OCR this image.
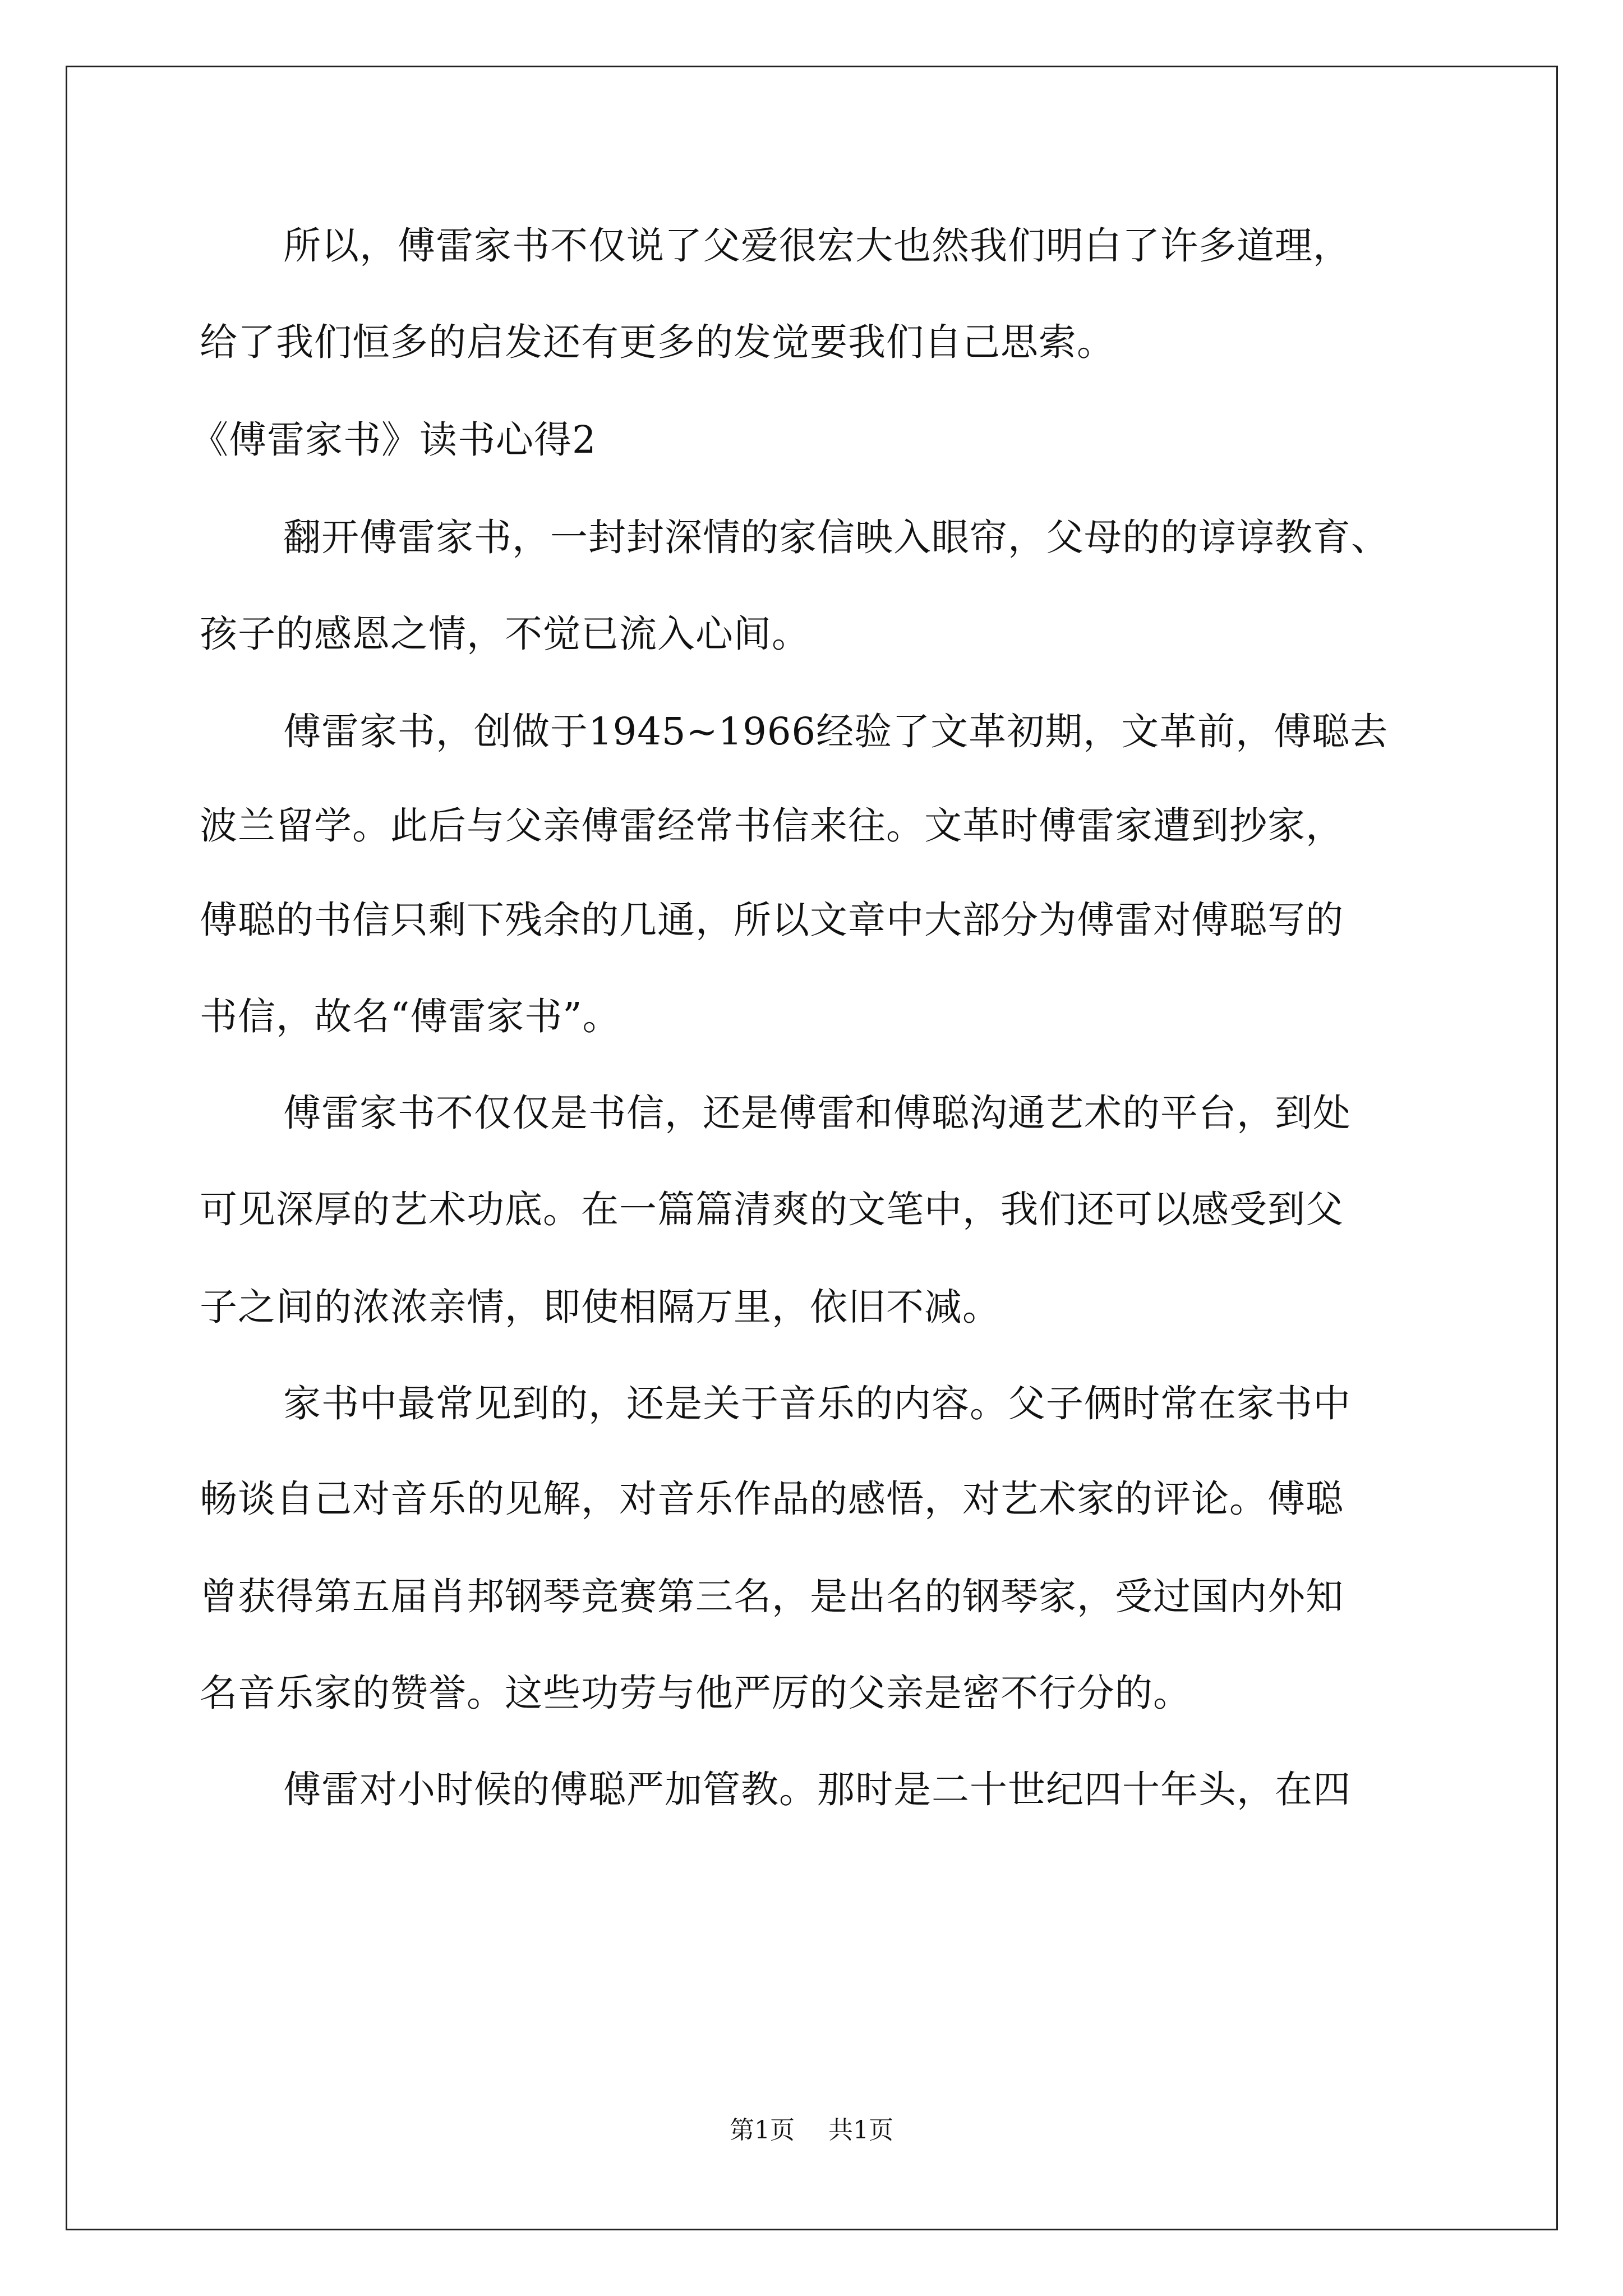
所以，傅雷家书不仅说了父爱很宏大也然我们明白了许多道理，
给了我们恒多的启发还有更多的发觉要我们自己思索。
《傅雷家书》读书心得2
翻开傅雷家书，一封封深情的家信映入眼帘，父母的的谆谆教育、
孩子的感恩之情，不觉已流入心间。
傅雷家书，创做于1945~1966经验了文革初期，文革前，傅聪去
波兰留学。此后与父亲傅雷经常书信来往。文革时傅雷家遭到抄家，
傅聪的书信只剩下残余的几通，所以文章中大部分为傅雷对傅聪写的
书信，故名“傅雷家书”。
傅雷家书不仅仅是书信，还是傅雷和傅聪沟通艺术的平台，到处
可见深厚的艺术功底。在一篇篇清爽的文笔中，我们还可以感受到父
子之间的浓浓亲情，即使相隔万里，依旧不减。
家书中最常见到的，还是关于音乐的内容。父子俩时常在家书中
畅谈自己对音乐的见解，对音乐作品的感悟，对艺术家的评论。傅聪
曾获得第五届肖邦钢琴竞赛第三名，是出名的钢琴家，受过国内外知
名音乐家的赞誉。这些功劳与他严厉的父亲是密不行分的。
傅雷对小时候的傅聪严加管教。那时是二十世纪四十年头，在四
第1页 共1页
